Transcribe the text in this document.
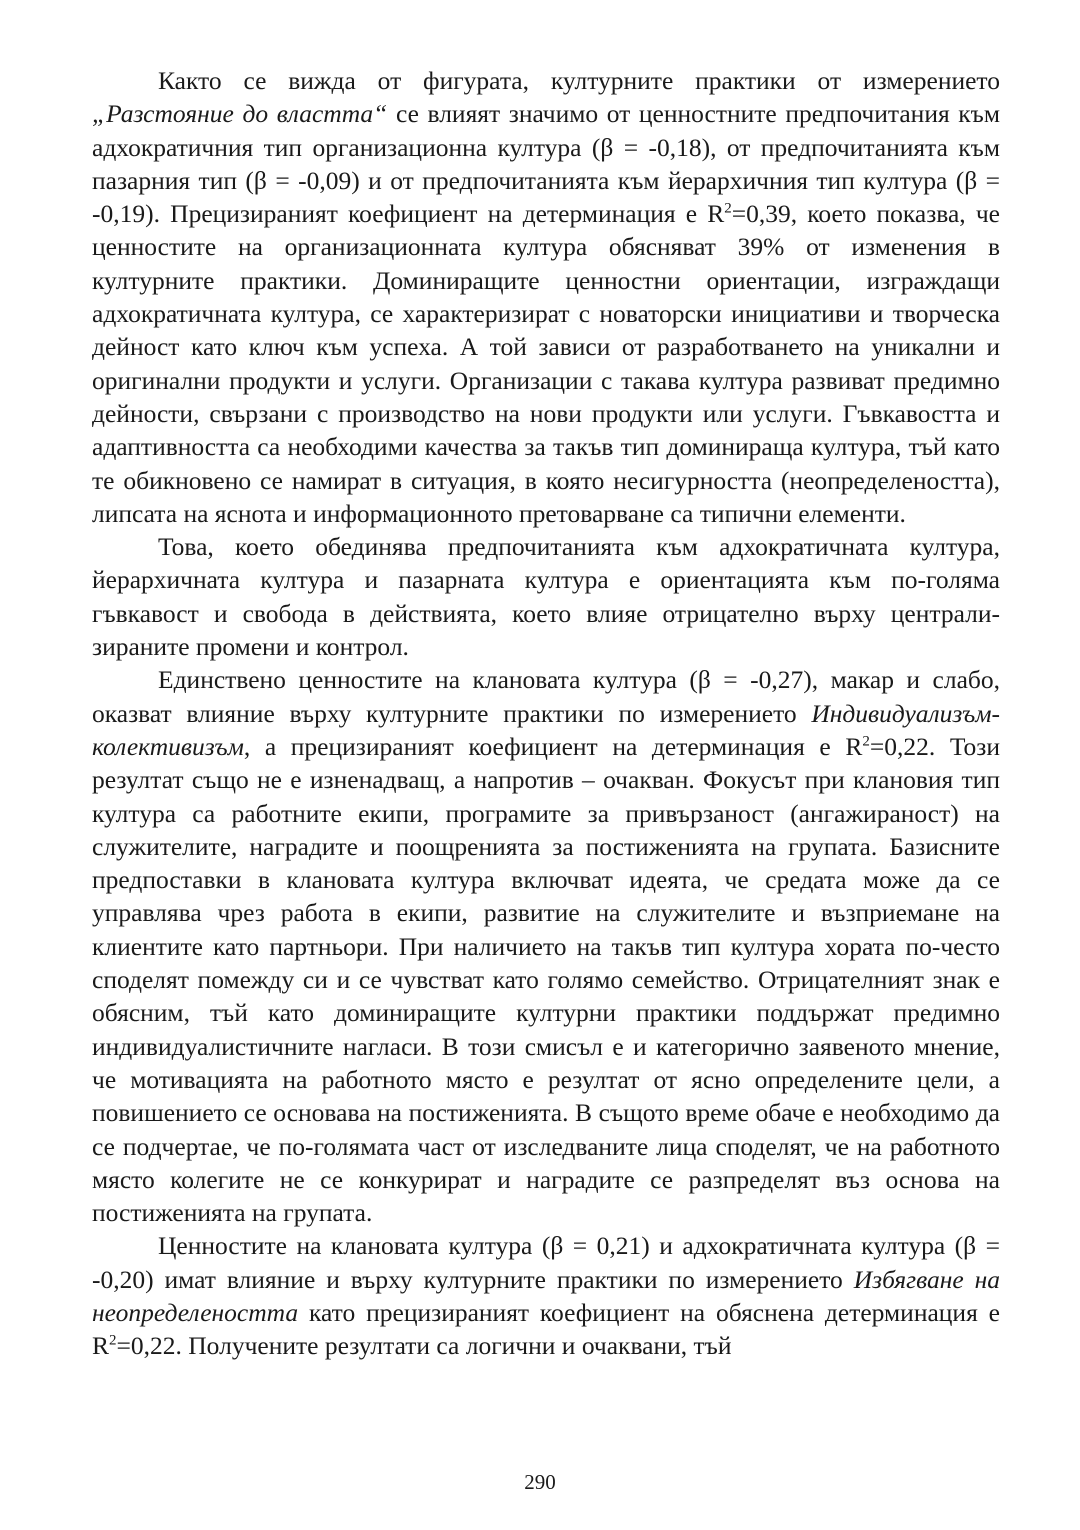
Както се вижда от фигурата, културните практики от измерението „Разстояние до властта“ се влияят значимо от ценностните предпочитания към адхократичния тип организационна култура (β = -0,18), от предпочитанията към пазарния тип (β = -0,09) и от предпочитанията към йерархичния тип култура (β = -0,19). Прецизираният коефициент на детерминация е $R^2=0,39$, което показва, че ценностите на организационната култура обясняват 39% от изменения в културните практики. Доминиращите ценностни ориентации, изграждащи адхократичната култура, се характеризират с новаторски инициативи и творческа дейност като ключ към успеха. А той зависи от разработването на уникални и оригинални продукти и услуги. Организации с такава култура развиват предимно дейности, свързани с производство на нови продукти или услуги. Гъвкавостта и адаптивността са необходими качества за такъв тип доминираща култура, тъй като те обикновено се намират в ситуация, в която несигурността (неопределеността), липсата на яснота и информационното претоварване са типични елементи.

Това, което обединява предпочитанията към адхократичната култура, йерархичната култура и пазарната култура е ориентацията към по-голяма гъвкавост и свобода в действията, което влияе отрицателно върху централизираните промени и контрол.

Единствено ценностите на клановата култура (β = -0,27), макар и слабо, оказват влияние върху културните практики по измерението Индивидуализъм-колективизъм, а прецизираният коефициент на детерминация е $R^2=0,22$. Този резултат също не е изненадващ, а напротив – очакван. Фокусът при клановия тип култура са работните екипи, програмите за привързаност (ангажираност) на служителите, наградите и поощренията за постиженията на групата. Базисните предпоставки в клановата култура включват идеята, че средата може да се управлява чрез работа в екипи, развитие на служителите и възприемане на клиентите като партньори. При наличието на такъв тип култура хората по-често споделят помежду си и се чувстват като голямо семейство. Отрицателният знак е обясним, тъй като доминиращите културни практики поддържат предимно индивидуалистичните нагласи. В този смисъл е и категорично заявеното мнение, че мотивацията на работното място е резултат от ясно определените цели, а повишението се основава на постиженията. В същото време обаче е необходимо да се подчертае, че по-голямата част от изследваните лица споделят, че на работното място колегите не се конкурират и наградите се разпределят въз основа на постиженията на групата.

Ценностите на клановата култура (β = 0,21) и адхократичната култура (β = -0,20) имат влияние и върху културните практики по измерението Избягване на неопределеността като прецизираният коефициент на обяснена детерминация е $R^2=0,22$. Получените резултати са логични и очаквани, тъй

290
